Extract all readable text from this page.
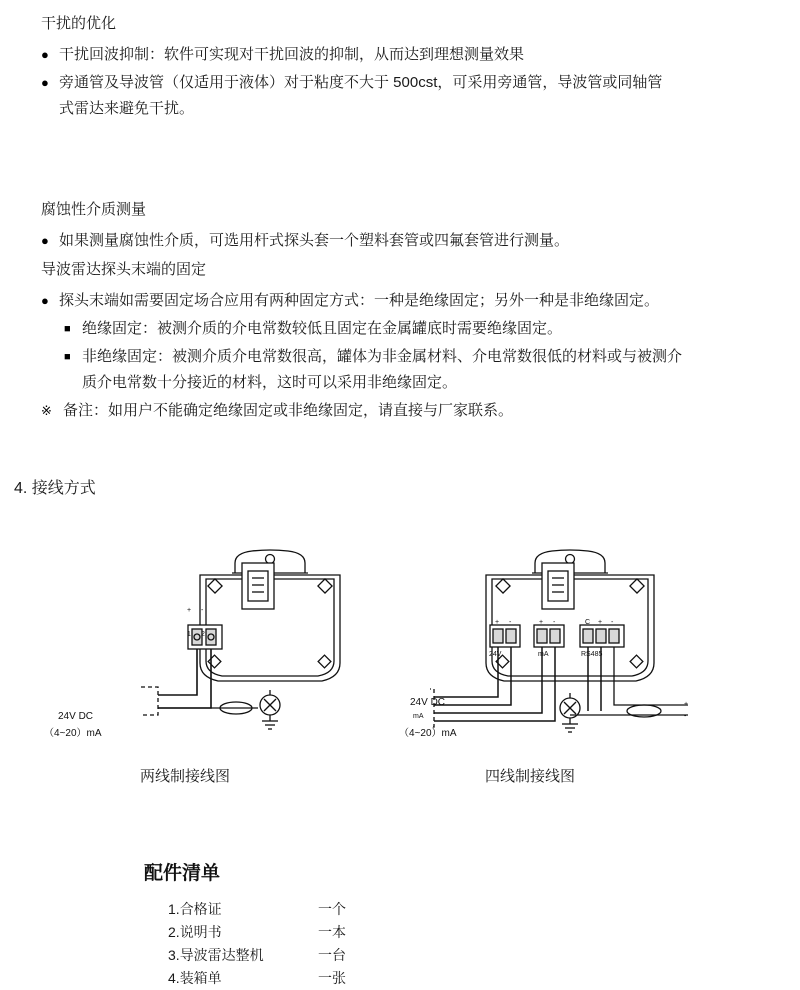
干扰的优化
● 干扰回波抑制：软件可实现对干扰回波的抑制，从而达到理想测量效果
● 旁通管及导波管（仅适用于液体）对于粘度不大于 500cst，可采用旁通管，导波管或同轴管式雷达来避免干扰。
腐蚀性介质测量
● 如果测量腐蚀性介质，可选用杆式探头套一个塑料套管或四氟套管进行测量。
导波雷达探头末端的固定
● 探头末端如需要固定场合应用有两种固定方式：一种是绝缘固定；另外一种是非绝缘固定。
■ 绝缘固定：被测介质的介电常数较低且固定在金属罐底时需要绝缘固定。
■ 非绝缘固定：被测介质介电常数很高，罐体为非金属材料、介电常数很低的材料或与被测介质介电常数十分接近的材料，这时可以采用非绝缘固定。
※ 备注：如用户不能确定绝缘固定或非绝缘固定，请直接与厂家联系。
4. 接线方式
+ -
1 2
24V DC
（4~20）mA
两线制接线图
+ -	+ -	C + -
24V	mA	RS485
24V DC
mA
（4~20）mA
+
-
四线制接线图
配件清单
1.合格证	一个
2.说明书	一本
3.导波雷达整机	一台
4.装箱单	一张
